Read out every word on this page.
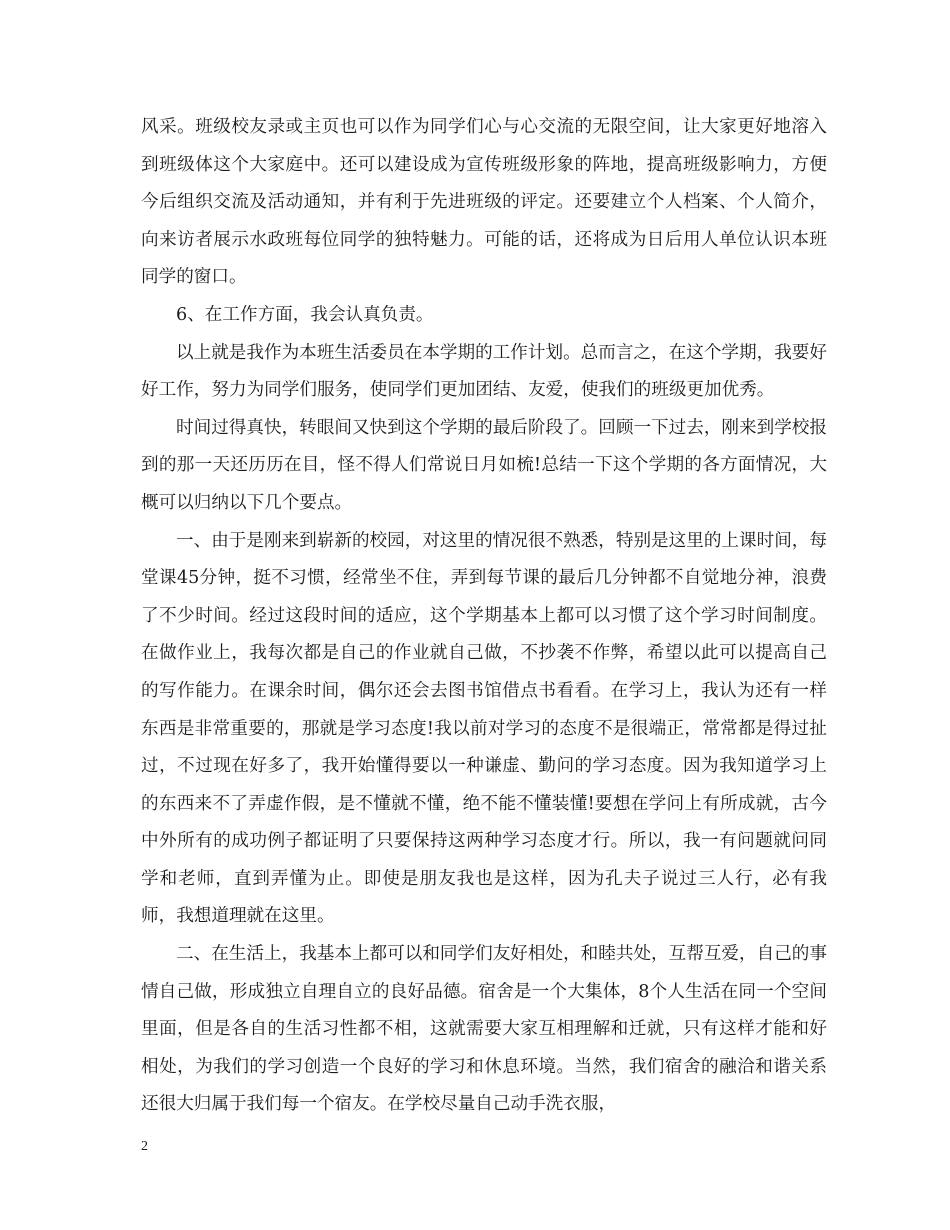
风采。班级校友录或主页也可以作为同学们心与心交流的无限空间，让大家更好地溶入到班级体这个大家庭中。还可以建设成为宣传班级形象的阵地，提高班级影响力，方便今后组织交流及活动通知，并有利于先进班级的评定。还要建立个人档案、个人简介，向来访者展示水政班每位同学的独特魅力。可能的话，还将成为日后用人单位认识本班同学的窗口。

6、在工作方面，我会认真负责。

以上就是我作为本班生活委员在本学期的工作计划。总而言之，在这个学期，我要好好工作，努力为同学们服务，使同学们更加团结、友爱，使我们的班级更加优秀。

时间过得真快，转眼间又快到这个学期的最后阶段了。回顾一下过去，刚来到学校报到的那一天还历历在目，怪不得人们常说日月如梳!总结一下这个学期的各方面情况，大概可以归纳以下几个要点。

一、由于是刚来到崭新的校园，对这里的情况很不熟悉，特别是这里的上课时间，每堂课45分钟，挺不习惯，经常坐不住，弄到每节课的最后几分钟都不自觉地分神，浪费了不少时间。经过这段时间的适应，这个学期基本上都可以习惯了这个学习时间制度。在做作业上，我每次都是自己的作业就自己做，不抄袭不作弊，希望以此可以提高自己的写作能力。在课余时间，偶尔还会去图书馆借点书看看。在学习上，我认为还有一样东西是非常重要的，那就是学习态度!我以前对学习的态度不是很端正，常常都是得过扯过，不过现在好多了，我开始懂得要以一种谦虚、勤问的学习态度。因为我知道学习上的东西来不了弄虚作假，是不懂就不懂，绝不能不懂装懂!要想在学问上有所成就，古今中外所有的成功例子都证明了只要保持这两种学习态度才行。所以，我一有问题就问同学和老师，直到弄懂为止。即使是朋友我也是这样，因为孔夫子说过三人行，必有我师，我想道理就在这里。

二、在生活上，我基本上都可以和同学们友好相处，和睦共处，互帮互爱，自己的事情自己做，形成独立自理自立的良好品德。宿舍是一个大集体，8个人生活在同一个空间里面，但是各自的生活习性都不相，这就需要大家互相理解和迁就，只有这样才能和好相处，为我们的学习创造一个良好的学习和休息环境。当然，我们宿舍的融洽和谐关系还很大归属于我们每一个宿友。在学校尽量自己动手洗衣服，

2
